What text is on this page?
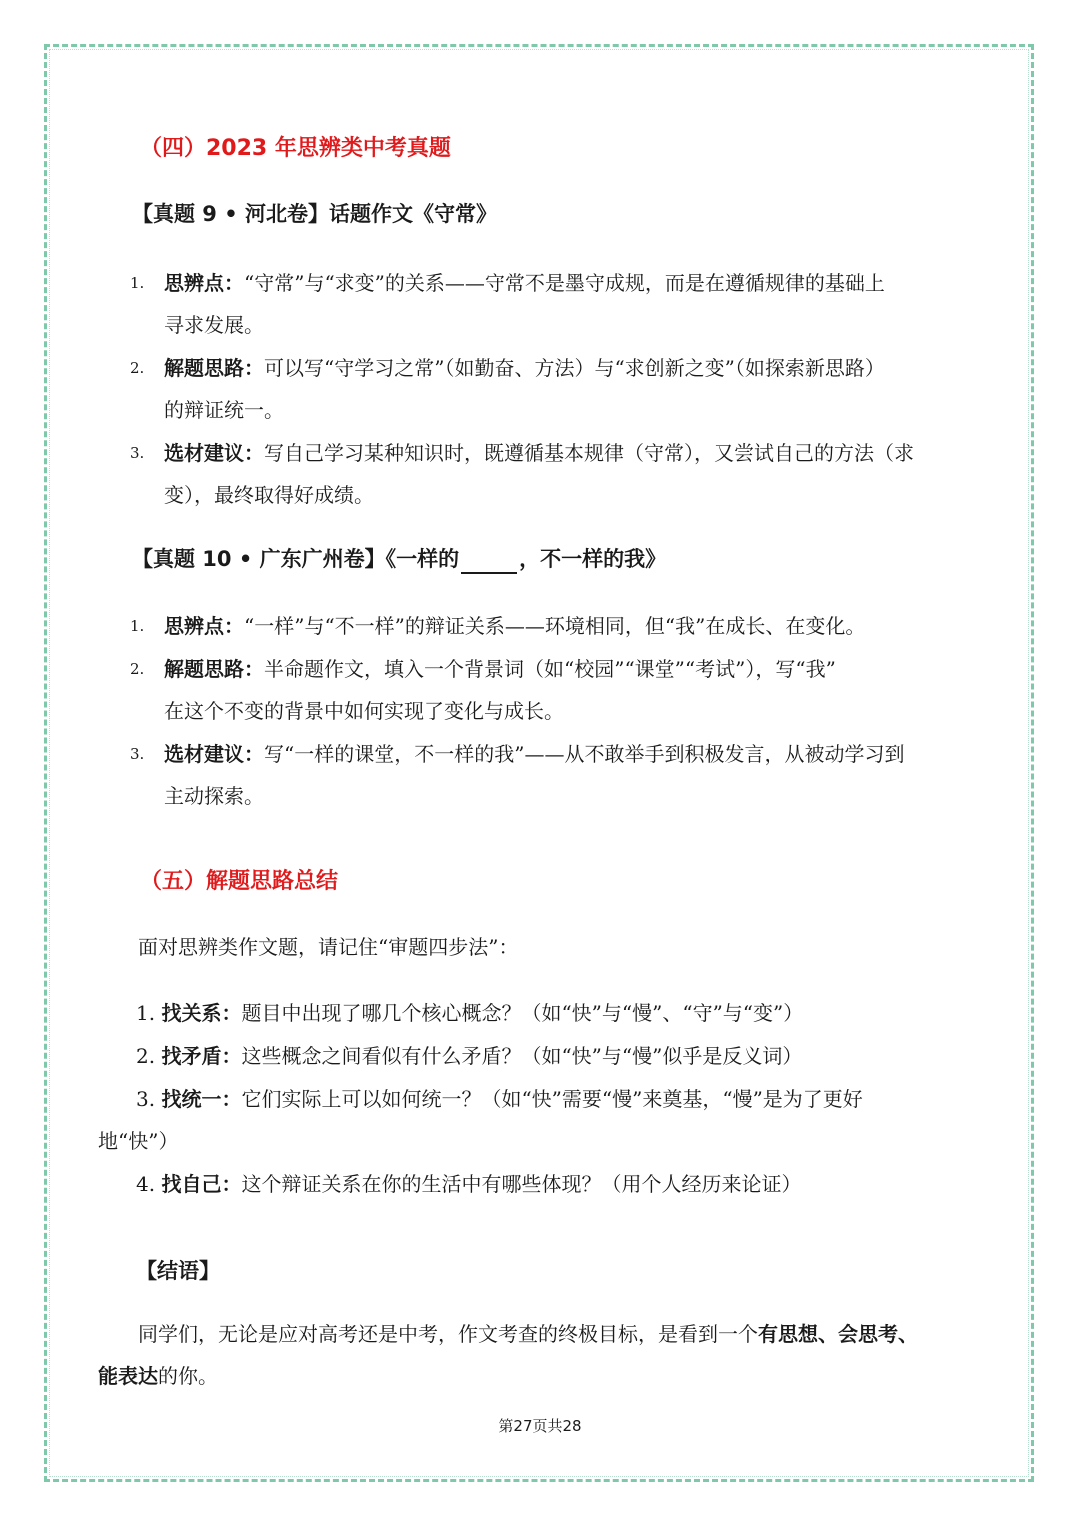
（四）2023 年思辨类中考真题
【真题 9 • 河北卷】话题作文《守常》
1. 思辨点：“守常”与“求变”的关系——守常不是墨守成规，而是在遵循规律的基础上
寻求发展。
2. 解题思路：可以写“守学习之常”（如勤奋、方法）与“求创新之变”（如探索新思路）
的辩证统一。
3. 选材建议：写自己学习某种知识时，既遵循基本规律（守常），又尝试自己的方法（求
变），最终取得好成绩。
【真题 10 • 广东广州卷】《一样的	，不一样的我》
1. 思辨点：“一样”与“不一样”的辩证关系——环境相同，但“我”在成长、在变化。
2. 解题思路：半命题作文，填入一个背景词（如“校园”“课堂”“考试”），写“我”
在这个不变的背景中如何实现了变化与成长。
3. 选材建议：写“一样的课堂，不一样的我”——从不敢举手到积极发言，从被动学习到
主动探索。
（五）解题思路总结
面对思辨类作文题，请记住“审题四步法”：
1. 找关系：题目中出现了哪几个核心概念？（如“快”与“慢”、“守”与“变”）
2. 找矛盾：这些概念之间看似有什么矛盾？（如“快”与“慢”似乎是反义词）
3. 找统一：它们实际上可以如何统一？（如“快”需要“慢”来奠基，“慢”是为了更好
地“快”）
4. 找自己：这个辩证关系在你的生活中有哪些体现？（用个人经历来论证）
【结语】
同学们，无论是应对高考还是中考，作文考查的终极目标，是看到一个有思想、会思考、
能表达的你。
第27页共28
